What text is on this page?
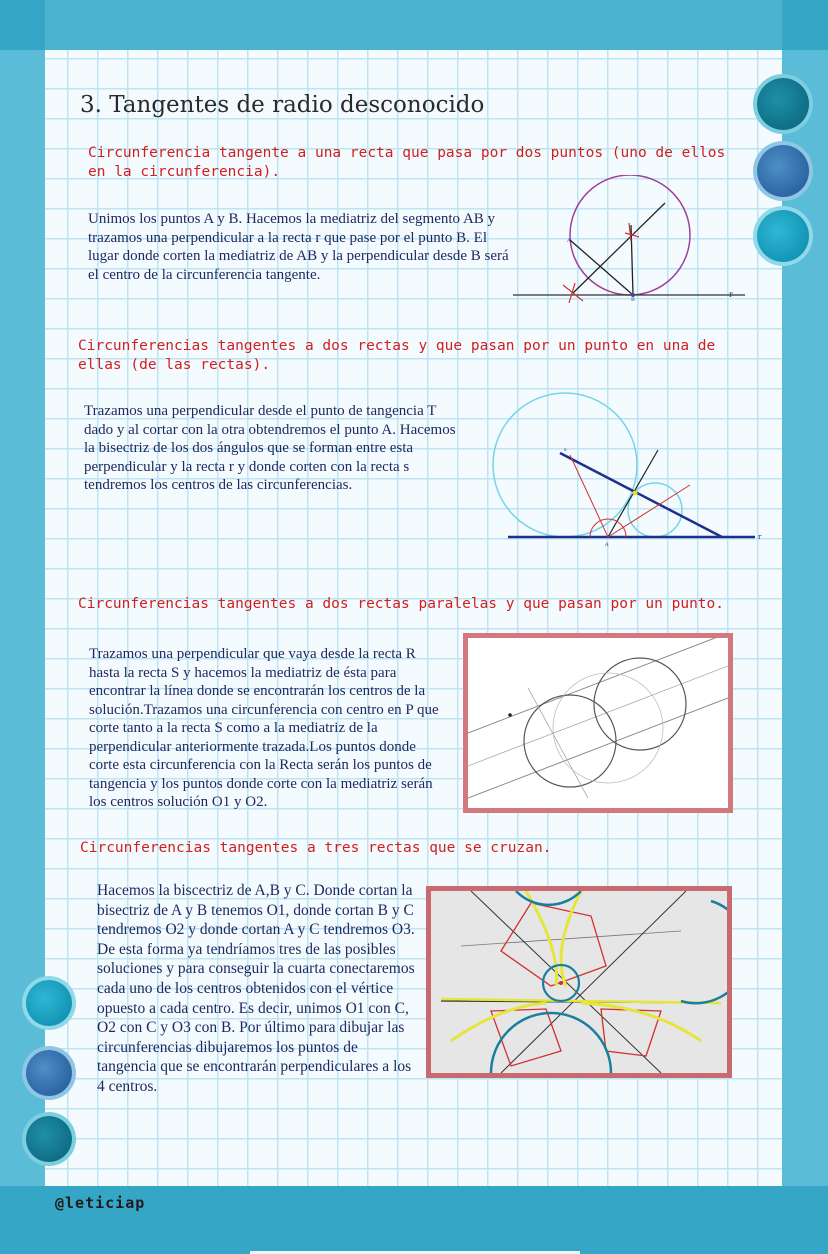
3. Tangentes de radio desconocido
Circunferencia tangente a una recta que pasa por dos puntos (uno de ellos en la circunferencia).
Unimos los puntos A y B. Hacemos la mediatriz del segmento AB y trazamos una perpendicular a la recta r que pase por el punto B. El lugar donde corten la mediatriz de AB y la perpendicular desde B será el centro de la circunferencia tangente.
r
A
B
Circunferencias tangentes a dos rectas y que pasan por un punto en una de ellas (de las rectas).
Trazamos una perpendicular desde el punto de tangencia T dado y al cortar con la otra obtendremos el punto A. Hacemos la bisectriz de los dos ángulos que se forman entre esta perpendicular y la recta r y donde corten con la recta s tendremos los centros de las circunferencias.
r
s
A
Circunferencias tangentes a dos rectas paralelas y que pasan por un punto.
Trazamos una perpendicular que vaya desde la recta R hasta la recta S y hacemos la mediatriz de ésta para encontrar la línea donde se encontrarán los centros de la solución.Trazamos una circunferencia con centro en P que corte tanto a la recta S como a la mediatriz de la perpendicular anteriormente trazada.Los puntos donde corte esta circunferencia con la Recta serán los puntos de tangencia y los puntos donde corte con la mediatriz serán los centros solución O1 y O2.
Circunferencias tangentes a tres rectas que se cruzan.
Hacemos la biscectriz de A,B y C. Donde cortan la bisectriz de A y B tenemos O1, donde cortan B y C tendremos O2 y donde cortan A y C tendremos O3. De esta forma ya tendríamos tres de las posibles soluciones y para conseguir la cuarta conectaremos cada uno de los centros obtenidos con el vértice opuesto a cada centro. Es decir, unimos O1 con C, O2 con C y O3 con B. Por último para dibujar las circunferencias dibujaremos los puntos de tangencia que se encontrarán perpendiculares a los 4 centros.
@leticiap
